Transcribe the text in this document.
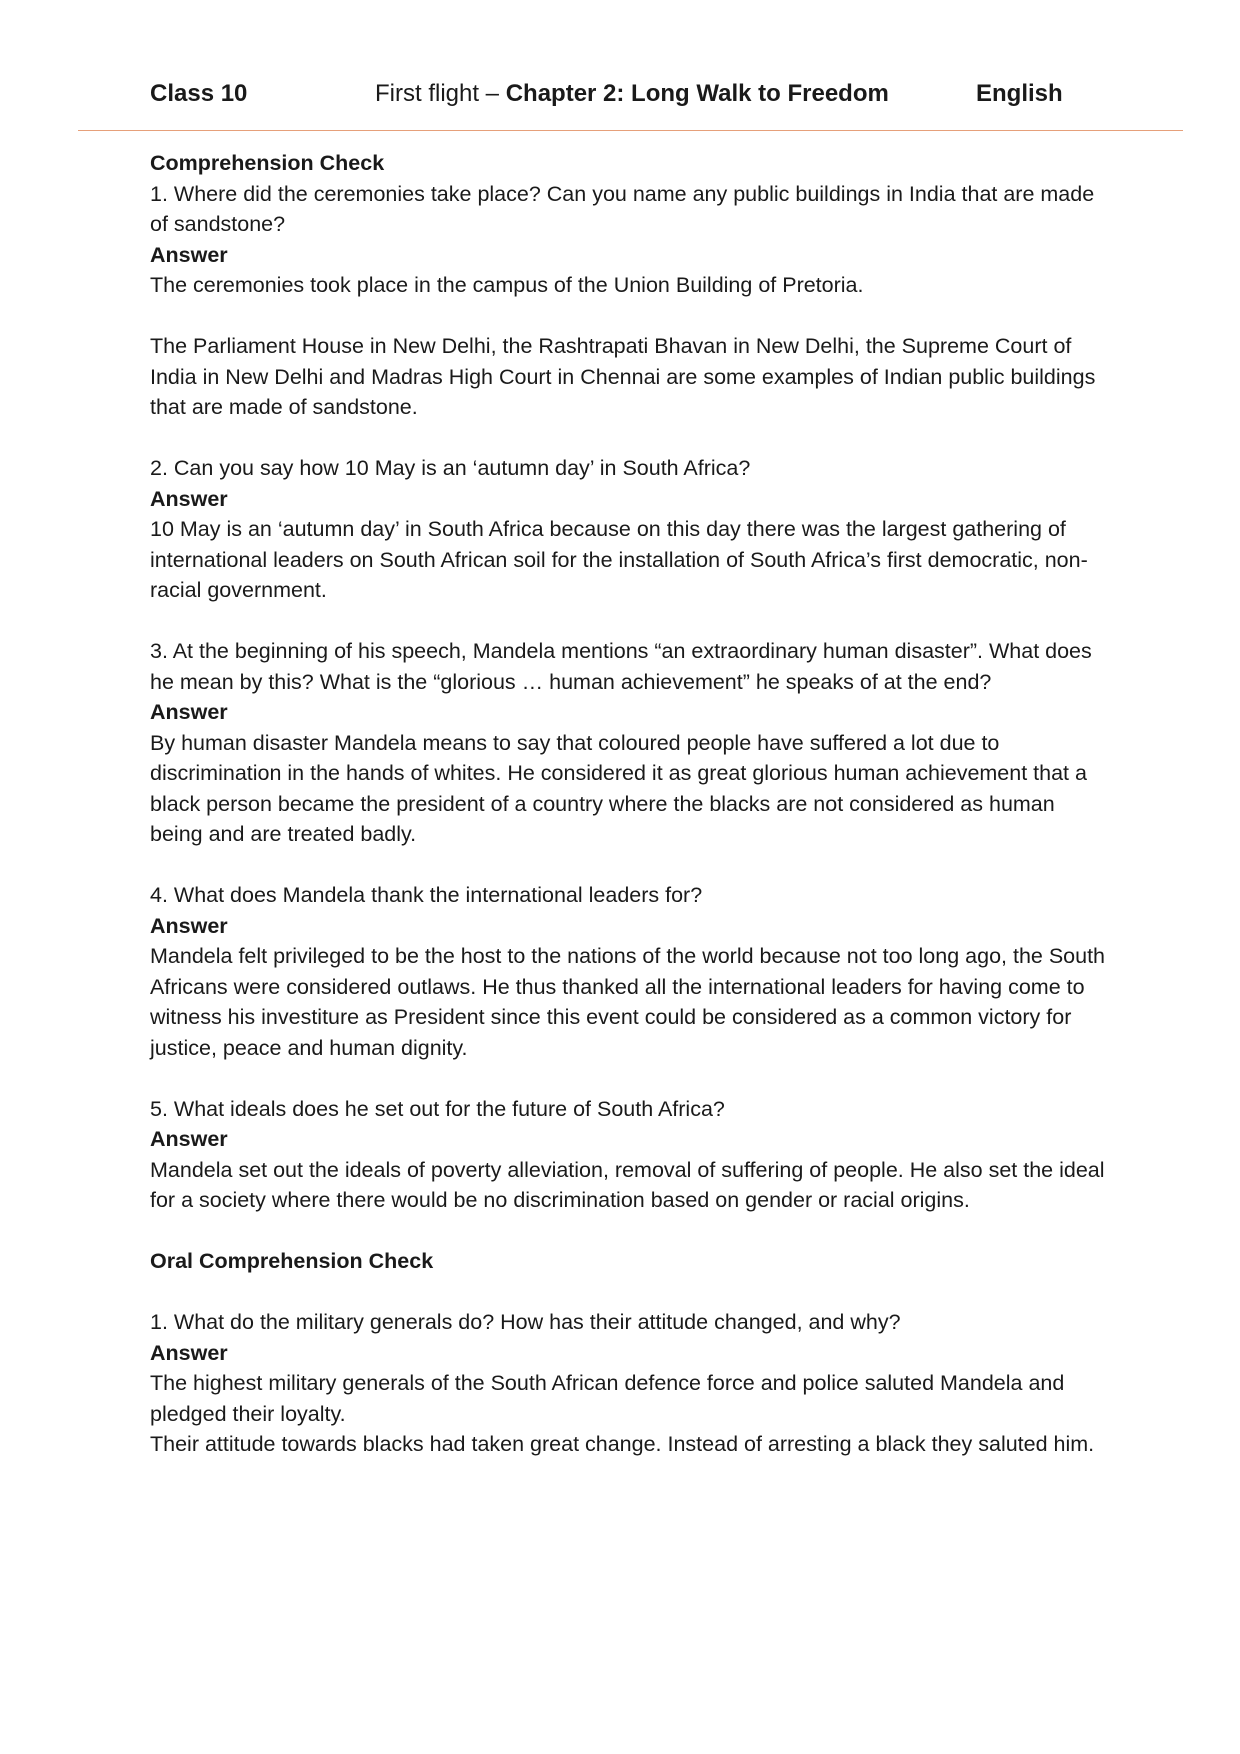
Class 10	First flight – Chapter 2: Long Walk to Freedom	English

Comprehension Check

1. Where did the ceremonies take place? Can you name any public buildings in India that are made of sandstone?

Answer

The ceremonies took place in the campus of the Union Building of Pretoria.

The Parliament House in New Delhi, the Rashtrapati Bhavan in New Delhi, the Supreme Court of India in New Delhi and Madras High Court in Chennai are some examples of Indian public buildings that are made of sandstone.

2. Can you say how 10 May is an ‘autumn day’ in South Africa?

Answer

10 May is an ‘autumn day’ in South Africa because on this day there was the largest gathering of international leaders on South African soil for the installation of South Africa’s first democratic, non-racial government.

3. At the beginning of his speech, Mandela mentions “an extraordinary human disaster”. What does he mean by this? What is the “glorious … human achievement” he speaks of at the end?

Answer

By human disaster Mandela means to say that coloured people have suffered a lot due to discrimination in the hands of whites. He considered it as great glorious human achievement that a black person became the president of a country where the blacks are not considered as human being and are treated badly.

4. What does Mandela thank the international leaders for?

Answer

Mandela felt privileged to be the host to the nations of the world because not too long ago, the South Africans were considered outlaws. He thus thanked all the international leaders for having come to witness his investiture as President since this event could be considered as a common victory for justice, peace and human dignity.

5. What ideals does he set out for the future of South Africa?

Answer

Mandela set out the ideals of poverty alleviation, removal of suffering of people. He also set the ideal for a society where there would be no discrimination based on gender or racial origins.

Oral Comprehension Check

1. What do the military generals do? How has their attitude changed, and why?

Answer

The highest military generals of the South African defence force and police saluted Mandela and pledged their loyalty.

Their attitude towards blacks had taken great change. Instead of arresting a black they saluted him.
